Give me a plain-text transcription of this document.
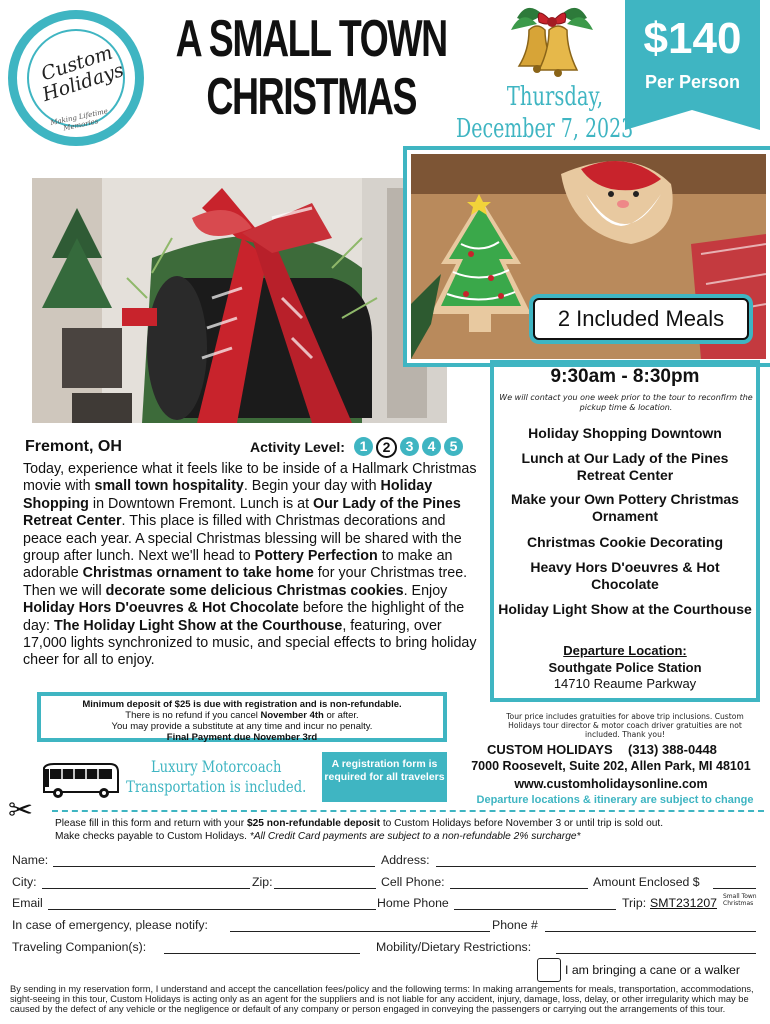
Custom Holidays
Making Lifetime Memories
A SMALL TOWN
CHRISTMAS	Thursday,
December 7, 2023
$140
Per Person
2 Included Meals
9:30am - 8:30pm
We will contact you one week prior to the tour to reconfirm the pickup time & location.
Holiday Shopping Downtown
Lunch at Our Lady of the Pines Retreat Center
Make your Own Pottery Christmas Ornament
Christmas Cookie Decorating
Heavy Hors D'oeuvres & Hot Chocolate
Holiday Light Show at the Courthouse
Departure Location:
Southgate Police Station
14710 Reaume Parkway
Fremont, OH	Activity Level:	1	2	3	4	5
Today, experience what it feels like to be inside of a Hallmark Christmas movie with small town hospitality. Begin your day with Holiday Shopping in Downtown Fremont. Lunch is at Our Lady of the Pines Retreat Center. This place is filled with Christmas decorations and peace each year. A special Christmas blessing will be shared with the group after lunch. Next we'll head to Pottery Perfection to make an adorable Christmas ornament to take home for your Christmas tree. Then we will decorate some delicious Christmas cookies. Enjoy Holiday Hors D'oeuvres & Hot Chocolate before the highlight of the day: The Holiday Light Show at the Courthouse, featuring, over 17,000 lights synchronized to music, and special effects to bring holiday cheer for all to enjoy.
Minimum deposit of $25 is due with registration and is non-refundable.
There is no refund if you cancel November 4th or after.
You may provide a substitute at any time and incur no penalty.
Final Payment due November 3rd
Luxury Motorcoach Transportation is included.
A registration form is required for all travelers
Tour price includes gratuities for above trip inclusions. Custom Holidays tour director & motor coach driver gratuities are not included. Thank you!
CUSTOM HOLIDAYS (313) 388-0448
7000 Roosevelt, Suite 202, Allen Park, MI 48101
www.customholidaysonline.com
Departure locations & itinerary are subject to change
✂ Please fill in this form and return with your $25 non-refundable deposit to Custom Holidays before November 3 or until trip is sold out.
Make checks payable to Custom Holidays. *All Credit Card payments are subject to a non-refundable 2% surcharge*
Name:	Address:
City:	Zip:	Cell Phone:	Amount Enclosed $
Email	Home Phone	Trip: SMT231207 Small Town Christmas
In case of emergency, please notify:	Phone #
Traveling Companion(s):	Mobility/Dietary Restrictions:
I am bringing a cane or a walker
By sending in my reservation form, I understand and accept the cancellation fees/policy and the following terms: In making arrangements for meals, transportation, accommodations, sight-seeing in this tour, Custom Holidays is acting only as an agent for the suppliers and is not liable for any accident, injury, damage, loss, delay, or other irregularity which may be caused by the defect of any vehicle or the negligence or default of any company or person engaged in conveying the passengers or carrying out the arrangements of this tour.
